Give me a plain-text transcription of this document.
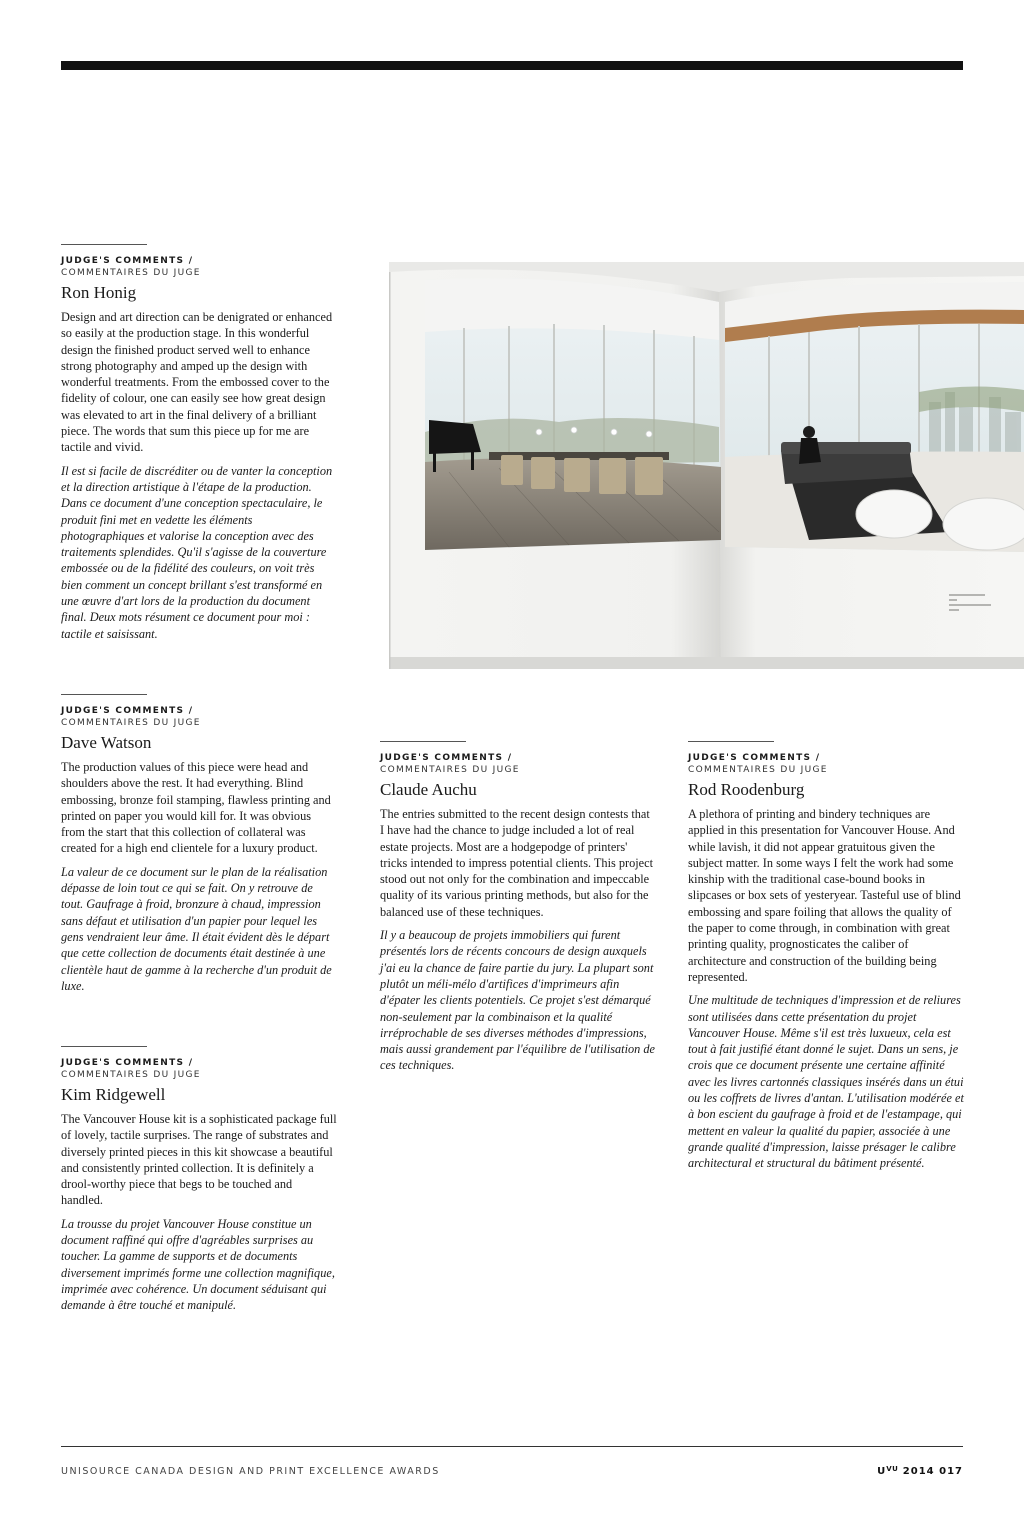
JUDGE'S COMMENTS /
COMMENTAIRES DU JUGE
Ron Honig

Design and art direction can be denigrated or enhanced so easily at the production stage. In this wonderful design the finished product served well to enhance strong photography and amped up the design with wonderful treatments. From the embossed cover to the fidelity of colour, one can easily see how great design was elevated to art in the final delivery of a brilliant piece. The words that sum this piece up for me are tactile and vivid.

Il est si facile de discréditer ou de vanter la conception et la direction artistique à l'étape de la production. Dans ce document d'une conception spectaculaire, le produit fini met en vedette les éléments photographiques et valorise la conception avec des traitements splendides. Qu'il s'agisse de la couverture embossée ou de la fidélité des couleurs, on voit très bien comment un concept brillant s'est transformé en une œuvre d'art lors de la production du document final. Deux mots résument ce document pour moi : tactile et saisissant.

JUDGE'S COMMENTS /
COMMENTAIRES DU JUGE
Dave Watson

The production values of this piece were head and shoulders above the rest. It had everything. Blind embossing, bronze foil stamping, flawless printing and printed on paper you would kill for. It was obvious from the start that this collection of collateral was created for a high end clientele for a luxury product.

La valeur de ce document sur le plan de la réalisation dépasse de loin tout ce qui se fait. On y retrouve de tout. Gaufrage à froid, bronzure à chaud, impression sans défaut et utilisation d'un papier pour lequel les gens vendraient leur âme. Il était évident dès le départ que cette collection de documents était destinée à une clientèle haut de gamme à la recherche d'un produit de luxe.

JUDGE'S COMMENTS /
COMMENTAIRES DU JUGE
Kim Ridgewell

The Vancouver House kit is a sophisticated package full of lovely, tactile surprises. The range of substrates and diversely printed pieces in this kit showcase a beautiful and consistently printed collection. It is definitely a drool-worthy piece that begs to be touched and handled.

La trousse du projet Vancouver House constitue un document raffiné qui offre d'agréables surprises au toucher. La gamme de supports et de documents diversement imprimés forme une collection magnifique, imprimée avec cohérence. Un document séduisant qui demande à être touché et manipulé.

JUDGE'S COMMENTS /
COMMENTAIRES DU JUGE
Claude Auchu

The entries submitted to the recent design contests that I have had the chance to judge included a lot of real estate projects. Most are a hodgepodge of printers' tricks intended to impress potential clients. This project stood out not only for the combination and impeccable quality of its various printing methods, but also for the balanced use of these techniques.

Il y a beaucoup de projets immobiliers qui furent présentés lors de récents concours de design auxquels j'ai eu la chance de faire partie du jury. La plupart sont plutôt un méli-mélo d'artifices d'imprimeurs afin d'épater les clients potentiels. Ce projet s'est démarqué non-seulement par la combinaison et la qualité irréprochable de ses diverses méthodes d'impressions, mais aussi grandement par l'équilibre de l'utilisation de ces techniques.

JUDGE'S COMMENTS /
COMMENTAIRES DU JUGE
Rod Roodenburg

A plethora of printing and bindery techniques are applied in this presentation for Vancouver House. And while lavish, it did not appear gratuitous given the subject matter. In some ways I felt the work had some kinship with the traditional case-bound books in slipcases or box sets of yesteryear. Tasteful use of blind embossing and spare foiling that allows the quality of the paper to come through, in combination with great printing quality, prognosticates the caliber of architecture and construction of the building being represented.

Une multitude de techniques d'impression et de reliures sont utilisées dans cette présentation du projet Vancouver House. Même s'il est très luxueux, cela est tout à fait justifié étant donné le sujet. Dans un sens, je crois que ce document présente une certaine affinité avec les livres cartonnés classiques insérés dans un étui ou les coffrets de livres d'antan. L'utilisation modérée et à bon escient du gaufrage à froid et de l'estampage, qui mettent en valeur la qualité du papier, associée à une grande qualité d'impression, laisse présager le calibre architectural et structural du bâtiment présenté.

UNISOURCE CANADA DESIGN AND PRINT EXCELLENCE AWARDS	$U^{VU}$ 2014 017
